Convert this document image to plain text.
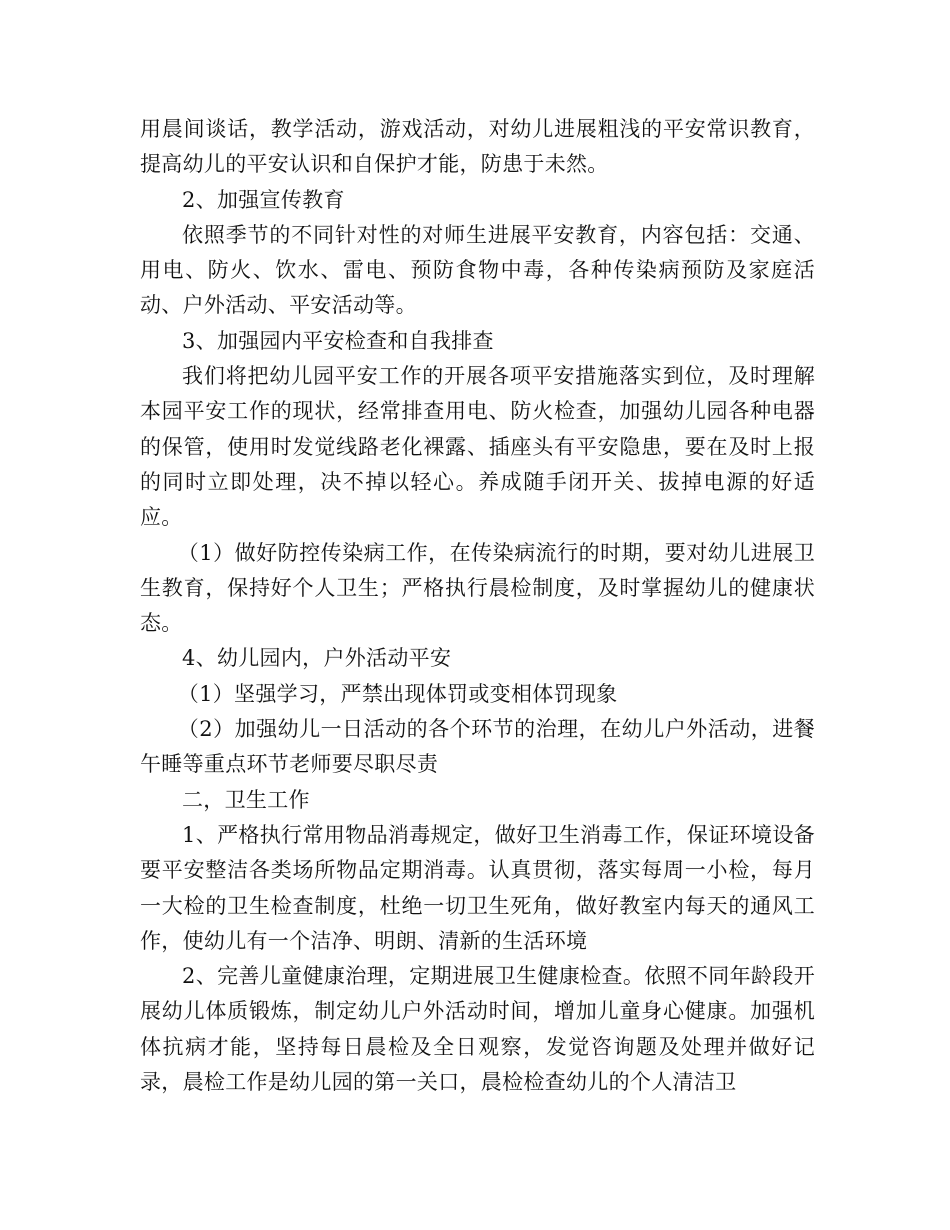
用晨间谈话，教学活动，游戏活动，对幼儿进展粗浅的平安常识教育，提高幼儿的平安认识和自保护才能，防患于未然。

2、加强宣传教育

依照季节的不同针对性的对师生进展平安教育，内容包括：交通、用电、防火、饮水、雷电、预防食物中毒，各种传染病预防及家庭活动、户外活动、平安活动等。

3、加强园内平安检查和自我排查

我们将把幼儿园平安工作的开展各项平安措施落实到位，及时理解本园平安工作的现状，经常排查用电、防火检查，加强幼儿园各种电器的保管，使用时发觉线路老化裸露、插座头有平安隐患，要在及时上报的同时立即处理，决不掉以轻心。养成随手闭开关、拔掉电源的好适应。

（1）做好防控传染病工作，在传染病流行的时期，要对幼儿进展卫生教育，保持好个人卫生；严格执行晨检制度，及时掌握幼儿的健康状态。

4、幼儿园内，户外活动平安

（1）坚强学习，严禁出现体罚或变相体罚现象

（2）加强幼儿一日活动的各个环节的治理，在幼儿户外活动，进餐午睡等重点环节老师要尽职尽责

二，卫生工作

1、严格执行常用物品消毒规定，做好卫生消毒工作，保证环境设备要平安整洁各类场所物品定期消毒。认真贯彻，落实每周一小检，每月一大检的卫生检查制度，杜绝一切卫生死角，做好教室内每天的通风工作，使幼儿有一个洁净、明朗、清新的生活环境

2、完善儿童健康治理，定期进展卫生健康检查。依照不同年龄段开展幼儿体质锻炼，制定幼儿户外活动时间，增加儿童身心健康。加强机体抗病才能，坚持每日晨检及全日观察，发觉咨询题及处理并做好记录，晨检工作是幼儿园的第一关口，晨检检查幼儿的个人清洁卫
